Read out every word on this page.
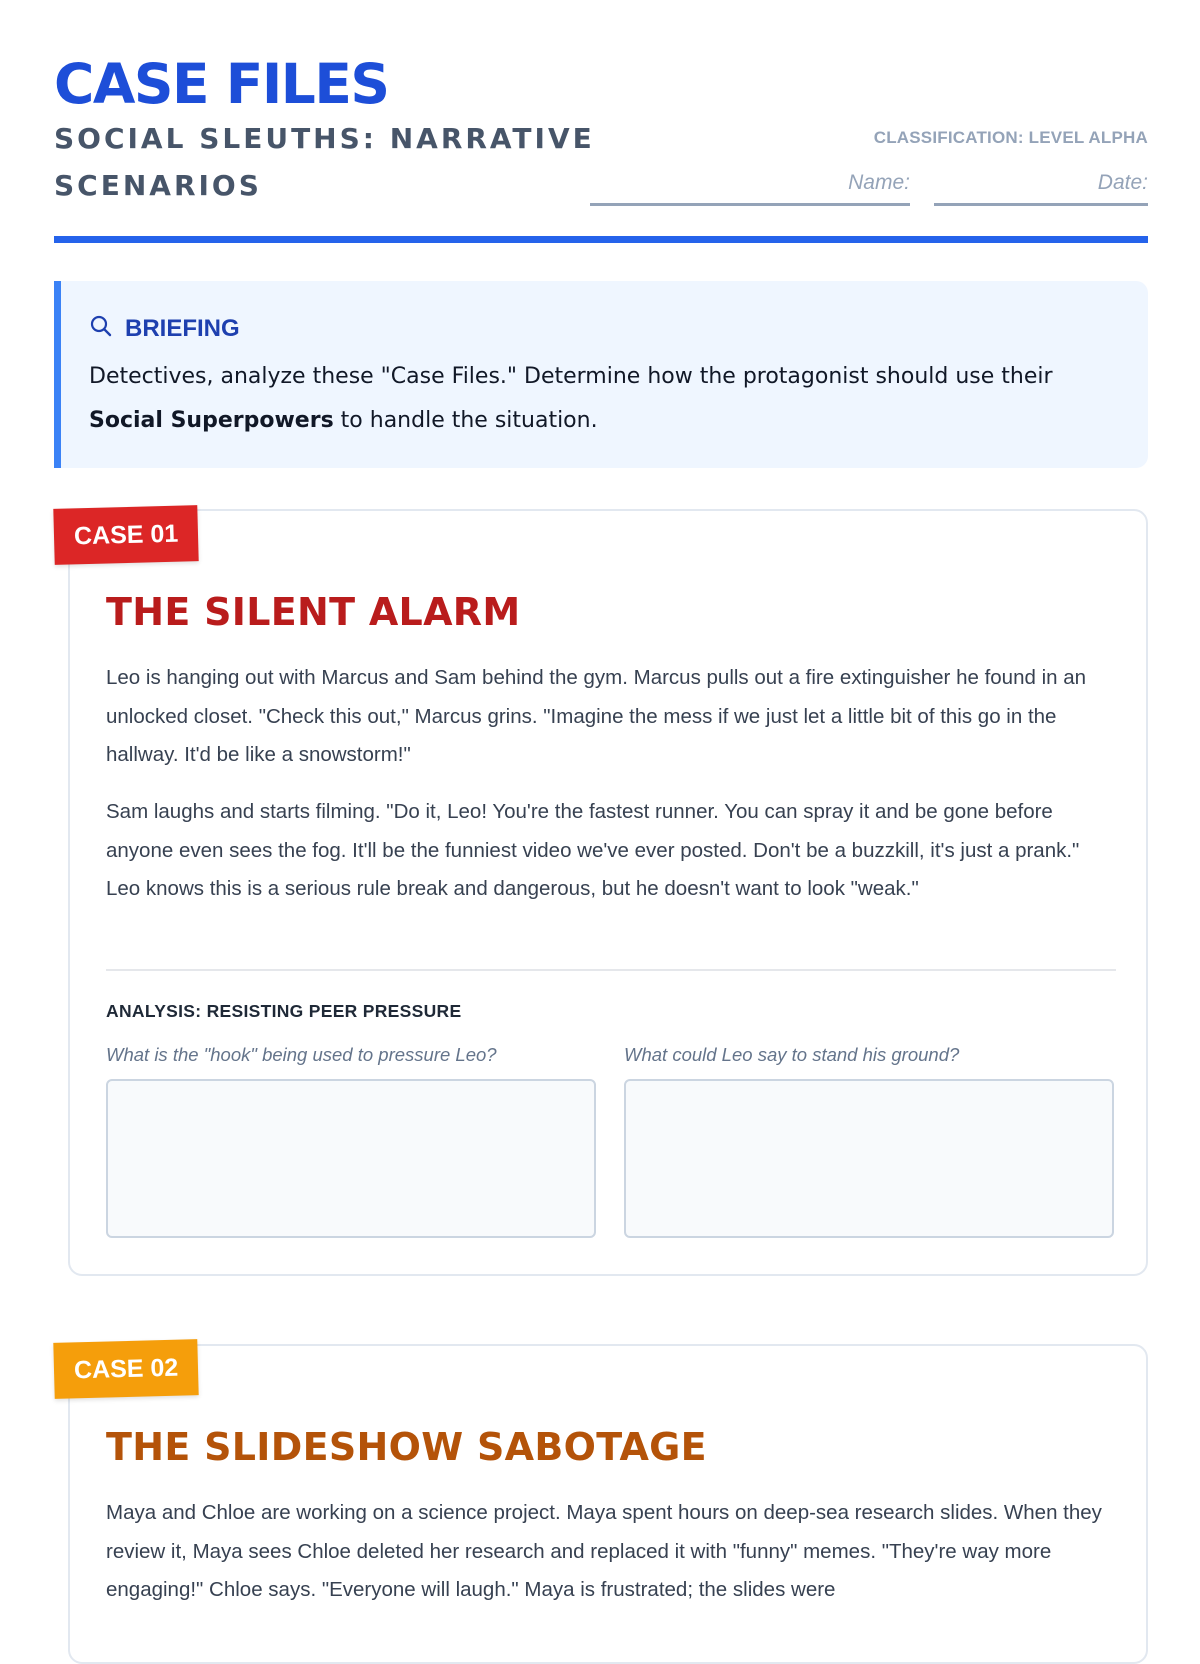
CASE FILES
SOCIAL SLEUTHS: NARRATIVE SCENARIOS
CLASSIFICATION: LEVEL ALPHA
Name:	Date:
BRIEFING
Detectives, analyze these "Case Files." Determine how the protagonist should use their Social Superpowers to handle the situation.
THE SILENT ALARM

Leo is hanging out with Marcus and Sam behind the gym. Marcus pulls out a fire extinguisher he found in an unlocked closet. "Check this out," Marcus grins. "Imagine the mess if we just let a little bit of this go in the hallway. It'd be like a snowstorm!"

Sam laughs and starts filming. "Do it, Leo! You're the fastest runner. You can spray it and be gone before anyone even sees the fog. It'll be the funniest video we've ever posted. Don't be a buzzkill, it's just a prank." Leo knows this is a serious rule break and dangerous, but he doesn't want to look "weak."

ANALYSIS: RESISTING PEER PRESSURE
What is the "hook" being used to pressure Leo?	What could Leo say to stand his ground?
CASE 01
THE SLIDESHOW SABOTAGE

Maya and Chloe are working on a science project. Maya spent hours on deep-sea research slides. When they review it, Maya sees Chloe deleted her research and replaced it with "funny" memes. "They're way more engaging!" Chloe says. "Everyone will laugh." Maya is frustrated; the slides were

CASE 02
